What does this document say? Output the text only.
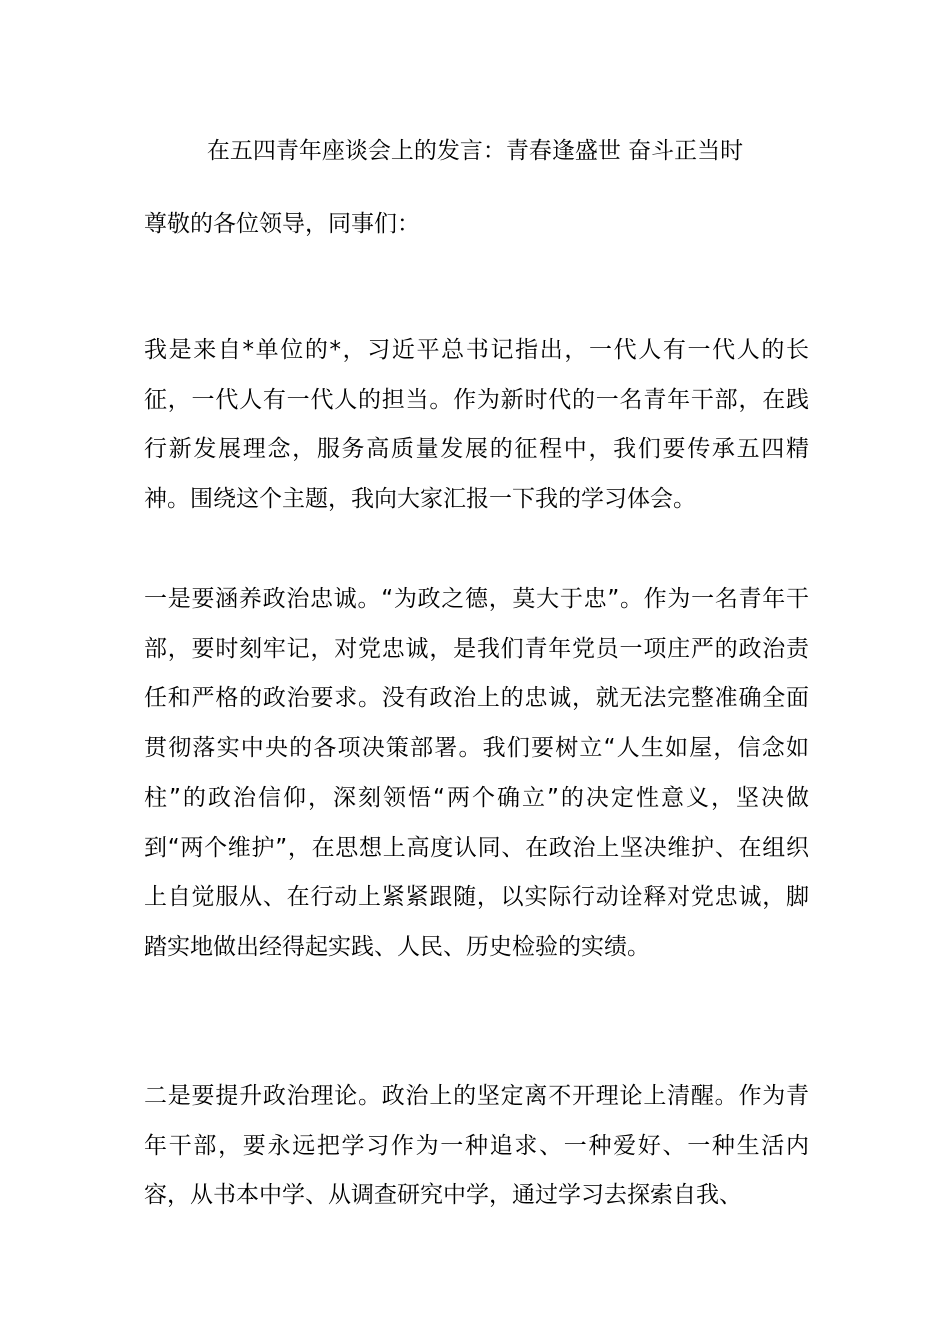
在五四青年座谈会上的发言：青春逢盛世 奋斗正当时
尊敬的各位领导，同事们：

我是来自*单位的*，习近平总书记指出，一代人有一代人的长征，一代人有一代人的担当。作为新时代的一名青年干部，在践行新发展理念，服务高质量发展的征程中，我们要传承五四精神。围绕这个主题，我向大家汇报一下我的学习体会。

一是要涵养政治忠诚。“为政之德，莫大于忠”。作为一名青年干部，要时刻牢记，对党忠诚，是我们青年党员一项庄严的政治责任和严格的政治要求。没有政治上的忠诚，就无法完整准确全面贯彻落实中央的各项决策部署。我们要树立“人生如屋，信念如柱”的政治信仰，深刻领悟“两个确立”的决定性意义，坚决做到“两个维护”，在思想上高度认同、在政治上坚决维护、在组织上自觉服从、在行动上紧紧跟随，以实际行动诠释对党忠诚，脚踏实地做出经得起实践、人民、历史检验的实绩。

二是要提升政治理论。政治上的坚定离不开理论上清醒。作为青年干部，要永远把学习作为一种追求、一种爱好、一种生活内容，从书本中学、从调查研究中学，通过学习去探索自我、
